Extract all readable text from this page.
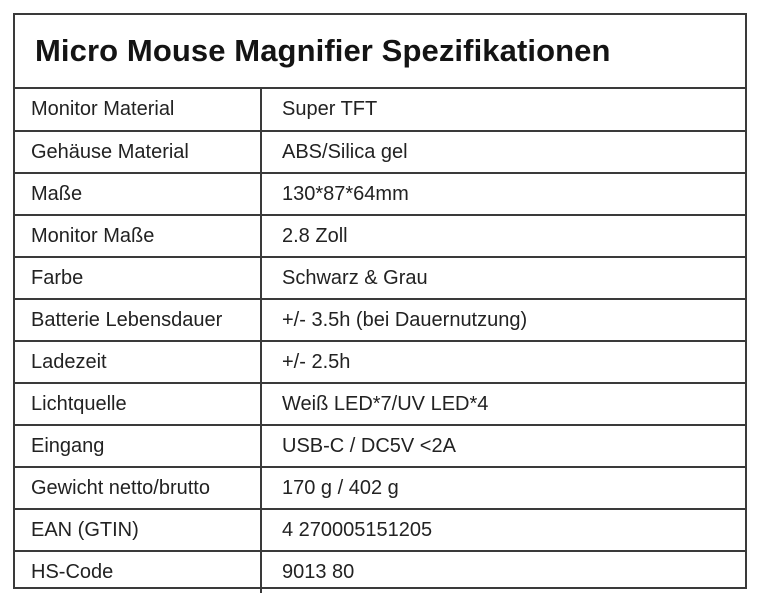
Micro Mouse Magnifier Spezifikationen
Monitor Material	Super TFT
Gehäuse Material	ABS/Silica gel
Maße	130*87*64mm
Monitor Maße	2.8 Zoll
Farbe	Schwarz & Grau
Batterie Lebensdauer	+/- 3.5h (bei Dauernutzung)
Ladezeit	+/- 2.5h
Lichtquelle	Weiß LED*7/UV LED*4
Eingang	USB-C / DC5V <2A
Gewicht netto/brutto	170 g / 402 g
EAN (GTIN)	4 270005151205
HS-Code	9013 80
